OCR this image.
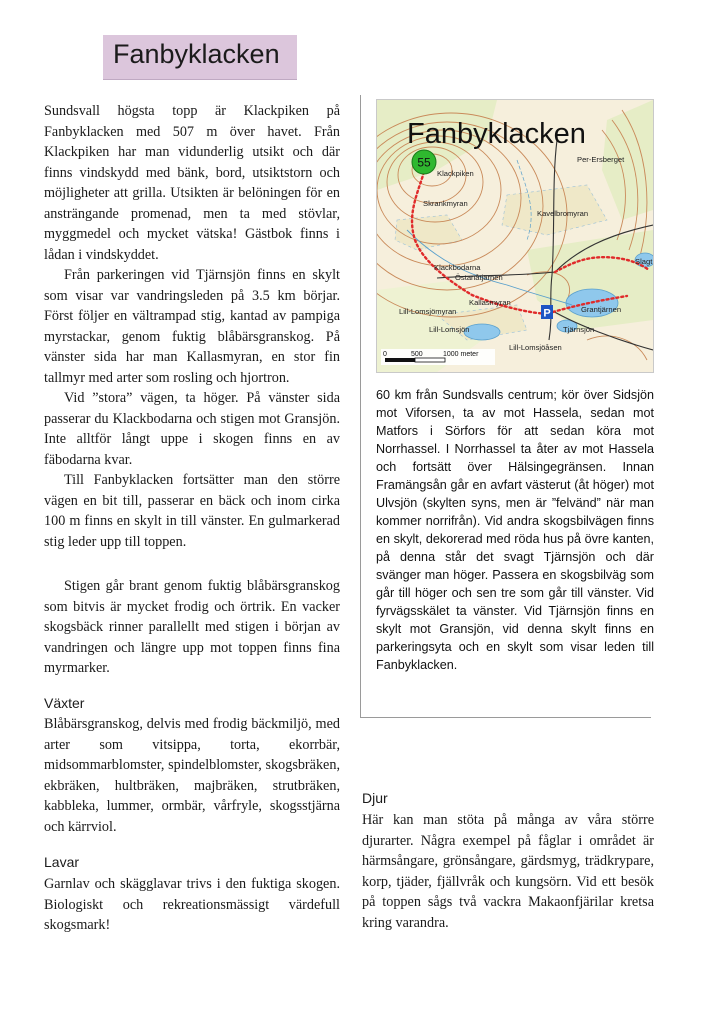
Fanbyklacken

Sundsvall högsta topp är Klackpiken på Fanbyklacken med 507 m över havet. Från Klackpiken har man vidunderlig utsikt och där finns vindskydd med bänk, bord, utsiktstorn och möjligheter att grilla. Utsikten är belöningen för en ansträngande promenad, men ta med stövlar, myggmedel och mycket vätska! Gästbok finns i lådan i vindskyddet.

Från parkeringen vid Tjärnsjön finns en skylt som visar var vandringsleden på 3.5 km börjar. Först följer en vältrampad stig, kantad av pampiga myrstackar, genom fuktig blåbärsgranskog. På vänster sida har man Kallasmyran, en stor fin tallmyr med arter som rosling och hjortron.

Vid ”stora” vägen, ta höger. På vänster sida passerar du Klackbodarna och stigen mot Gransjön. Inte alltför långt uppe i skogen finns en av fäbodarna kvar.

Till Fanbyklacken fortsätter man den större vägen en bit till, passerar en bäck och inom cirka 100 m finns en skylt in till vänster. En gulmarkerad stig leder upp till toppen.

Stigen går brant genom fuktig blåbärsgranskog som bitvis är mycket frodig och örtrik. En vacker skogsbäck rinner parallellt med stigen i början av vandringen och längre upp mot toppen finns fina myrmarker.

Växter

Blåbärsgranskog, delvis med frodig bäckmiljö, med arter som vitsippa, torta, ekorrbär, midsommarblomster, spindelblomster, skogsbräken, ekbräken, hultbräken, majbräken, strutbräken, kabbleka, lummer, ormbär, vårfryle, skogsstjärna och kärrviol.

Lavar

Garnlav och skägglavar trivs i den fuktiga skogen. Biologiskt och rekreationsmässigt värdefull skogsmark!

55
P
Fanbyklacken
Klackpiken
Per-Ersberget
Skrankmyran
Kavelbromyran
Slagt
Klackbodarna
Östanåtjärnen
Kallasmyran
Lill-Lomsjömyran	Grantjärnen
Tjärnsjön
Lill-Lomsjön
Lill-Lomsjöåsen
0	500	1000 meter
60 km från Sundsvalls centrum; kör över Sidsjön mot Viforsen, ta av mot Hassela, sedan mot Matfors i Sörfors för att sedan köra mot Norrhassel. I Norrhassel ta åter av mot Hassela och fortsätt över Hälsingegränsen. Innan Framängsån går en avfart västerut (åt höger) mot Ulvsjön (skylten syns, men är ”felvänd” när man kommer norrifrån). Vid andra skogsbilvägen finns en skylt, dekorerad med röda hus på övre kanten, på denna står det svagt Tjärnsjön och där svänger man höger. Passera en skogsbilväg som går till höger och sen tre som går till vänster. Vid fyrvägsskälet ta vänster. Vid Tjärnsjön finns en skylt mot Gransjön, vid denna skylt finns en parkeringsyta och en skylt som visar leden till Fanbyklacken.
Djur
Här kan man stöta på många av våra större djurarter. Några exempel på fåglar i området är härmsångare, grönsångare, gärdsmyg, trädkrypare, korp, tjäder, fjällvråk och kungsörn. Vid ett besök på toppen sågs två vackra Makaonfjärilar kretsa kring varandra.
